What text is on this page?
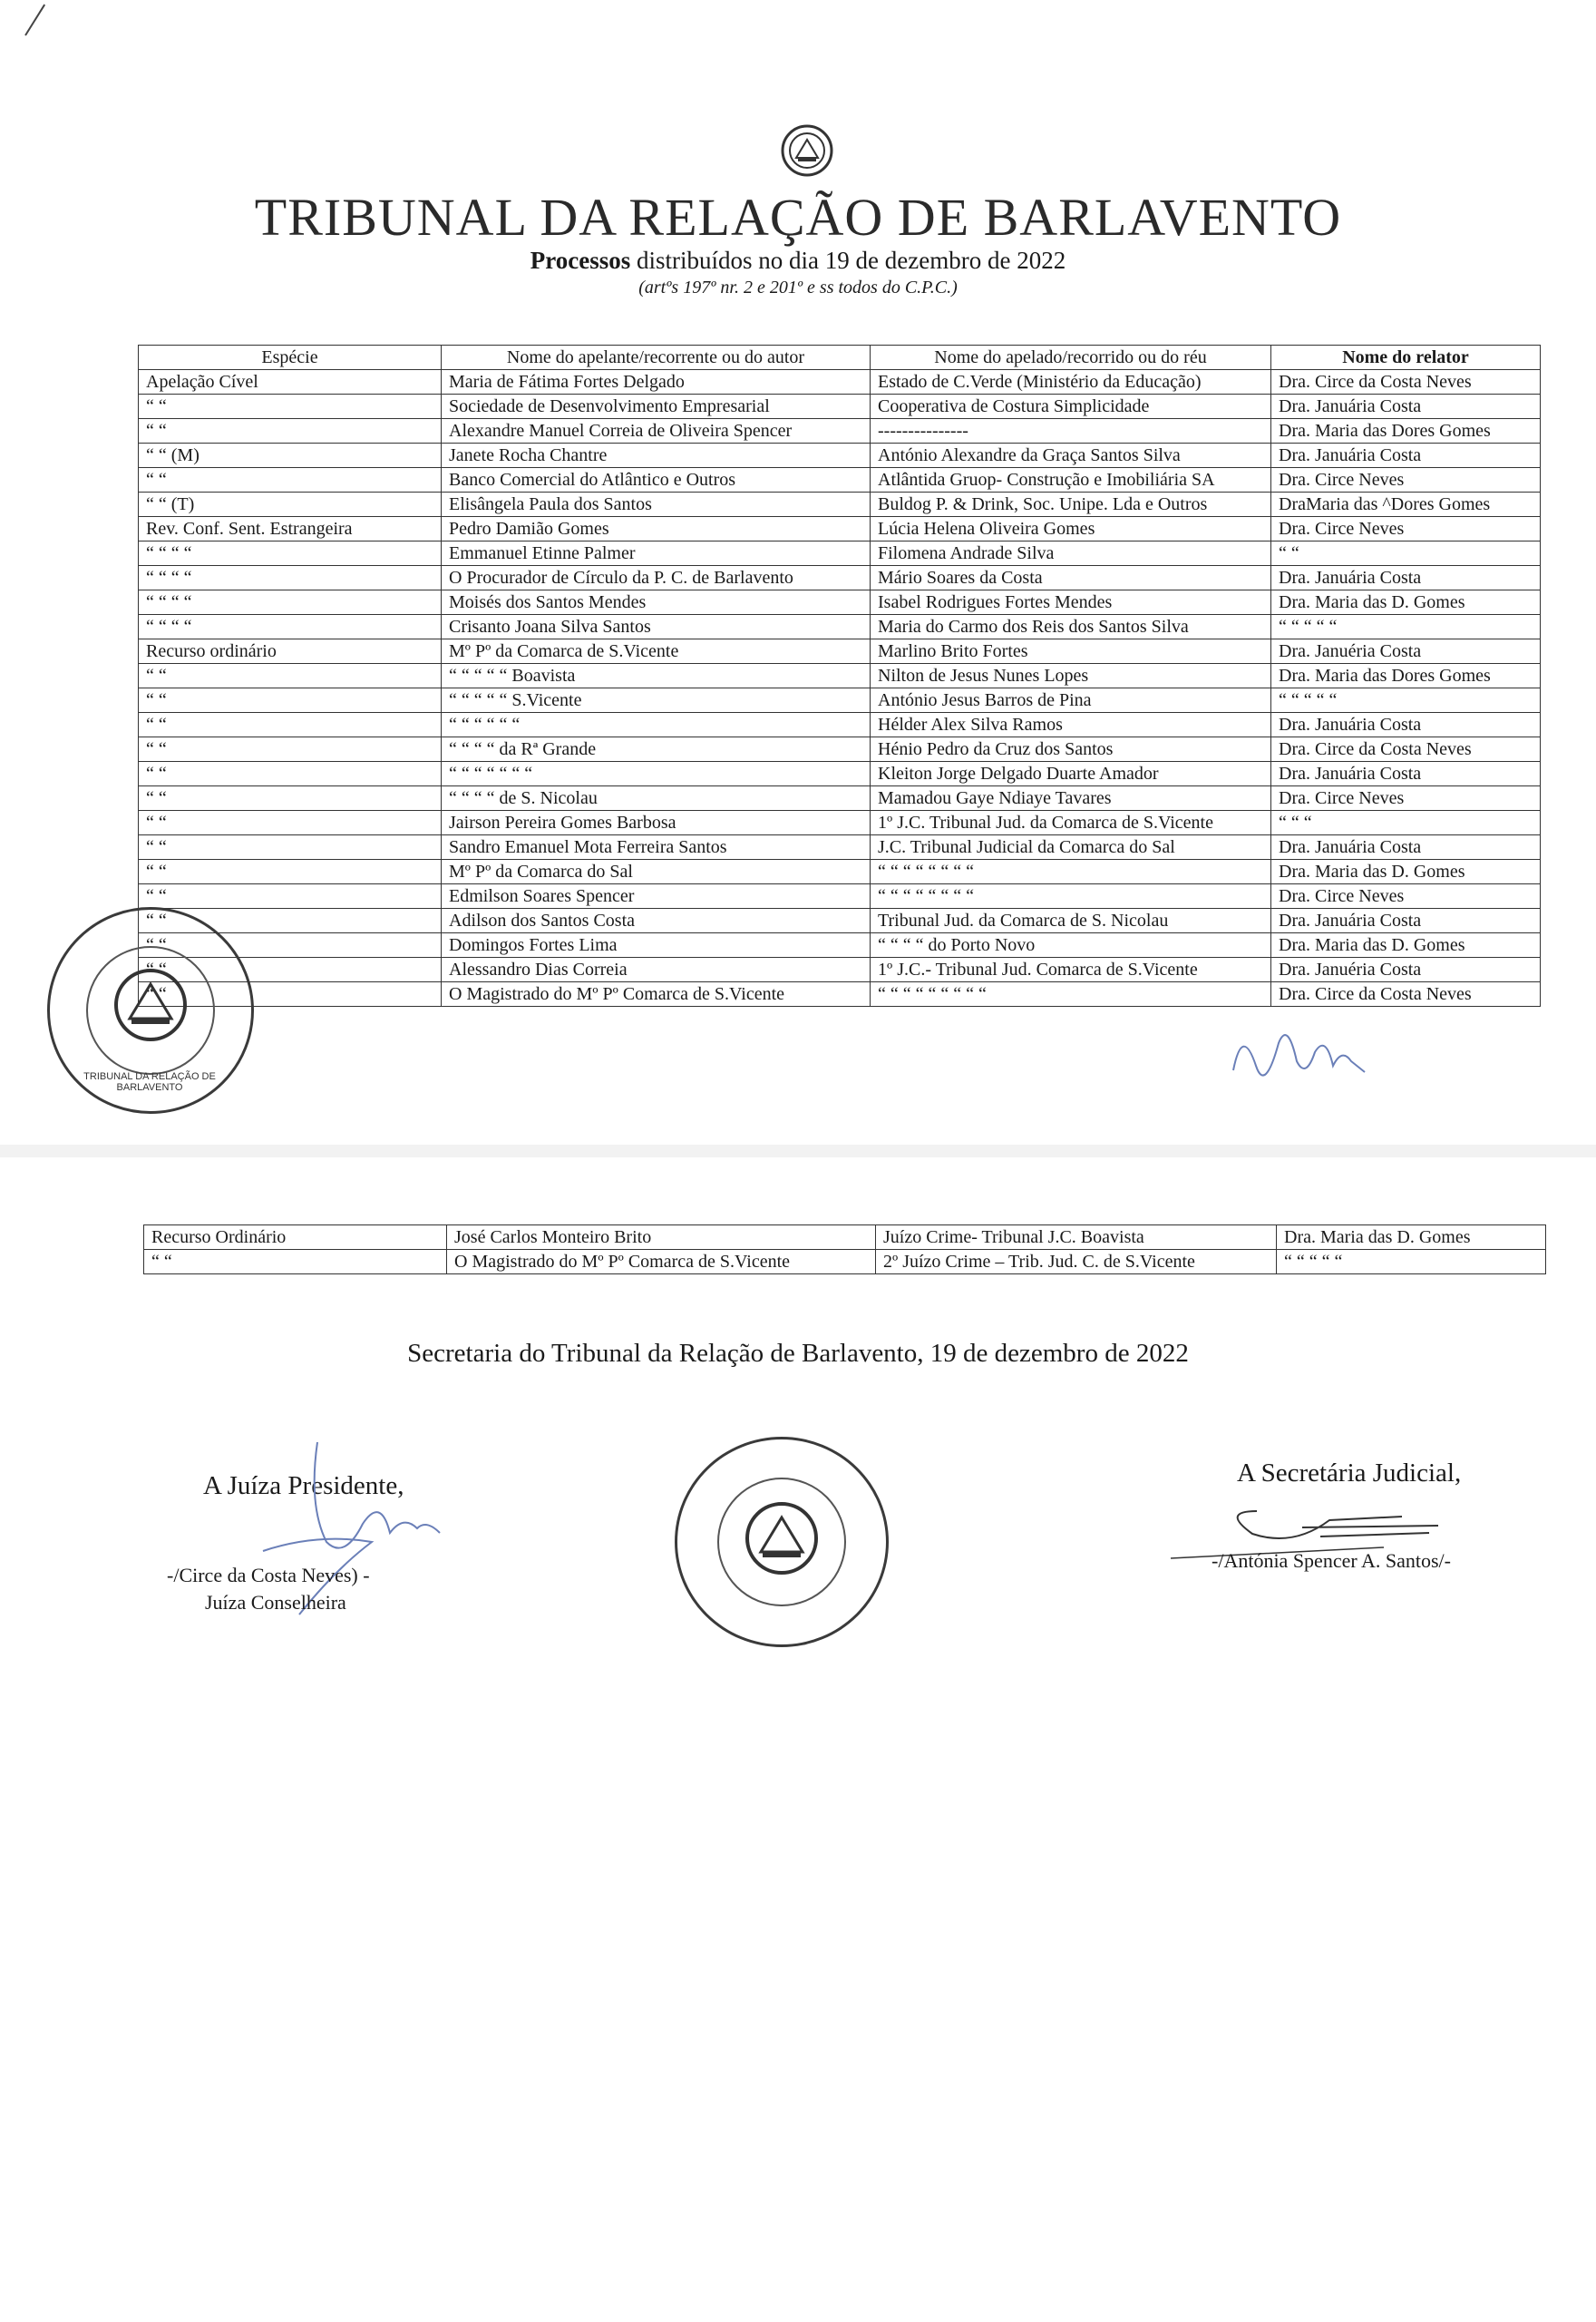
TRIBUNAL DA RELAÇÃO DE BARLAVENTO
Processos distribuídos no dia 19 de dezembro de 2022
(artºs 197º nr. 2 e 201º e ss todos do C.P.C.)
Espécie	Nome do apelante/recorrente ou do autor	Nome do apelado/recorrido ou do réu	Nome do relator
Apelação Cível	Maria de Fátima Fortes Delgado	Estado de C.Verde (Ministério da Educação)	Dra. Circe da Costa Neves
“ “	Sociedade de Desenvolvimento Empresarial	Cooperativa de Costura Simplicidade	Dra. Januária Costa
“ “	Alexandre Manuel Correia de Oliveira Spencer	---------------	Dra. Maria das Dores Gomes
“ “ (M)	Janete Rocha Chantre	António Alexandre da Graça Santos Silva	Dra. Januária Costa
“ “	Banco Comercial do Atlântico e Outros	Atlântida Gruop- Construção e Imobiliária SA	Dra. Circe Neves
“ “ (T)	Elisângela Paula dos Santos	Buldog P. & Drink, Soc. Unipe. Lda e Outros	DraMaria das ^Dores Gomes
Rev. Conf. Sent. Estrangeira	Pedro Damião Gomes	Lúcia Helena Oliveira Gomes	Dra. Circe Neves
“ “ “ “	Emmanuel Etinne Palmer	Filomena Andrade Silva	“ “
“ “ “ “	O Procurador de Círculo da P. C. de Barlavento	Mário Soares da Costa	Dra. Januária Costa
“ “ “ “	Moisés dos Santos Mendes	Isabel Rodrigues Fortes Mendes	Dra. Maria das D. Gomes
“ “ “ “	Crisanto Joana Silva Santos	Maria do Carmo dos Reis dos Santos Silva	“ “ “ “ “
Recurso ordinário	Mº Pº da Comarca de S.Vicente	Marlino Brito Fortes	Dra. Januéria Costa
“ “	“ “ “ “ “ Boavista	Nilton de Jesus Nunes Lopes	Dra. Maria das Dores Gomes
“ “	“ “ “ “ “ S.Vicente	António Jesus Barros de Pina	“ “ “ “ “
“ “	“ “ “ “ “ “	Hélder Alex Silva Ramos	Dra. Januária Costa
“ “	“ “ “ “ da Rª Grande	Hénio Pedro da Cruz dos Santos	Dra. Circe da Costa Neves
“ “	“ “ “ “ “ “ “	Kleiton Jorge Delgado Duarte Amador	Dra. Januária Costa
“ “	“ “ “ “ de S. Nicolau	Mamadou Gaye Ndiaye Tavares	Dra. Circe Neves
“ “	Jairson Pereira Gomes Barbosa	1º J.C. Tribunal Jud. da Comarca de S.Vicente	“ “ “
“ “	Sandro Emanuel Mota Ferreira Santos	J.C. Tribunal Judicial da Comarca do Sal	Dra. Januária Costa
“ “	Mº Pº da Comarca do Sal	“ “ “ “ “ “ “ “	Dra. Maria das D. Gomes
“ “	Edmilson Soares Spencer	“ “ “ “ “ “ “ “	Dra. Circe Neves
“ “	Adilson dos Santos Costa	Tribunal Jud. da Comarca de S. Nicolau	Dra. Januária Costa
“ “	Domingos Fortes Lima	“ “ “ “ do Porto Novo	Dra. Maria das D. Gomes
“ “	Alessandro Dias Correia	1º J.C.- Tribunal Jud. Comarca de S.Vicente	Dra. Januéria Costa
“ “	O Magistrado do Mº Pº Comarca de S.Vicente	“ “ “ “ “ “ “ “ “	Dra. Circe da Costa Neves
TRIBUNAL DA RELAÇÃO DE BARLAVENTO
Recurso Ordinário	José Carlos Monteiro Brito	Juízo Crime- Tribunal J.C. Boavista	Dra. Maria das D. Gomes
“ “	O Magistrado do Mº Pº Comarca de S.Vicente	2º Juízo Crime – Trib. Jud. C. de S.Vicente	“ “ “ “ “
Secretaria do Tribunal da Relação de Barlavento, 19 de dezembro de 2022
A Juíza Presidente,
-/Circe da Costa Neves) -
Juíza Conselheira
A Secretária Judicial,
-/Antónia Spencer A. Santos/-
